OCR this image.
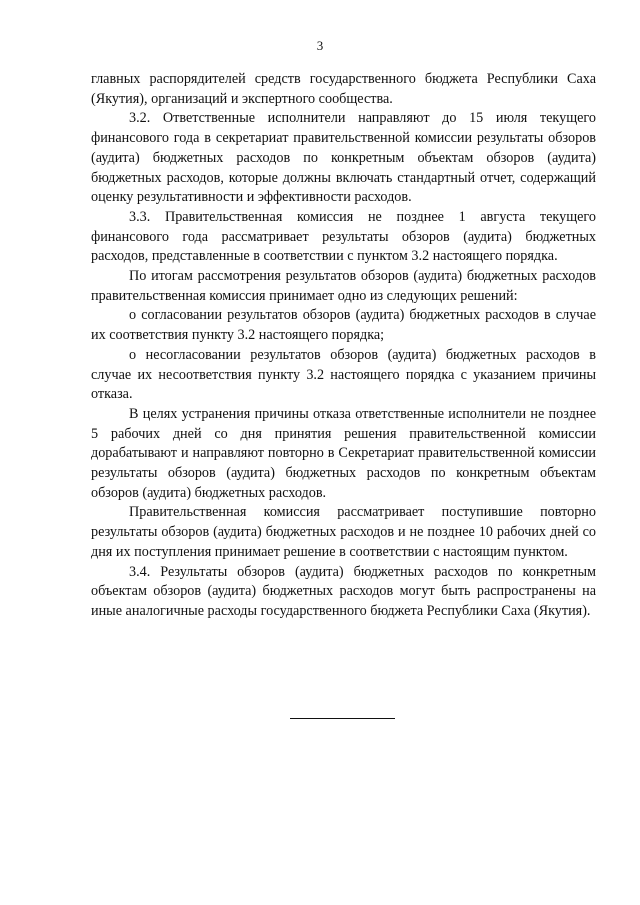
3

главных распорядителей средств государственного бюджета Республики Саха (Якутия), организаций и экспертного сообщества.

3.2. Ответственные исполнители направляют до 15 июля текущего финансового года в секретариат правительственной комиссии результаты обзоров (аудита) бюджетных расходов по конкретным объектам обзоров (аудита) бюджетных расходов, которые должны включать стандартный отчет, содержащий оценку результативности и эффективности расходов.

3.3. Правительственная комиссия не позднее 1 августа текущего финансового года рассматривает результаты обзоров (аудита) бюджетных расходов, представленные в соответствии с пунктом 3.2 настоящего порядка.

По итогам рассмотрения результатов обзоров (аудита) бюджетных расходов правительственная комиссия принимает одно из следующих решений:

о согласовании результатов обзоров (аудита) бюджетных расходов в случае их соответствия пункту 3.2 настоящего порядка;

о несогласовании результатов обзоров (аудита) бюджетных расходов в случае их несоответствия пункту 3.2 настоящего порядка с указанием причины отказа.

В целях устранения причины отказа ответственные исполнители не позднее 5 рабочих дней со дня принятия решения правительственной комиссии дорабатывают и направляют повторно в Секретариат правительственной комиссии результаты обзоров (аудита) бюджетных расходов по конкретным объектам обзоров (аудита) бюджетных расходов.

Правительственная комиссия рассматривает поступившие повторно результаты обзоров (аудита) бюджетных расходов и не позднее 10 рабочих дней со дня их поступления принимает решение в соответствии с настоящим пунктом.

3.4. Результаты обзоров (аудита) бюджетных расходов по конкретным объектам обзоров (аудита) бюджетных расходов могут быть распространены на иные аналогичные расходы государственного бюджета Республики Саха (Якутия).
